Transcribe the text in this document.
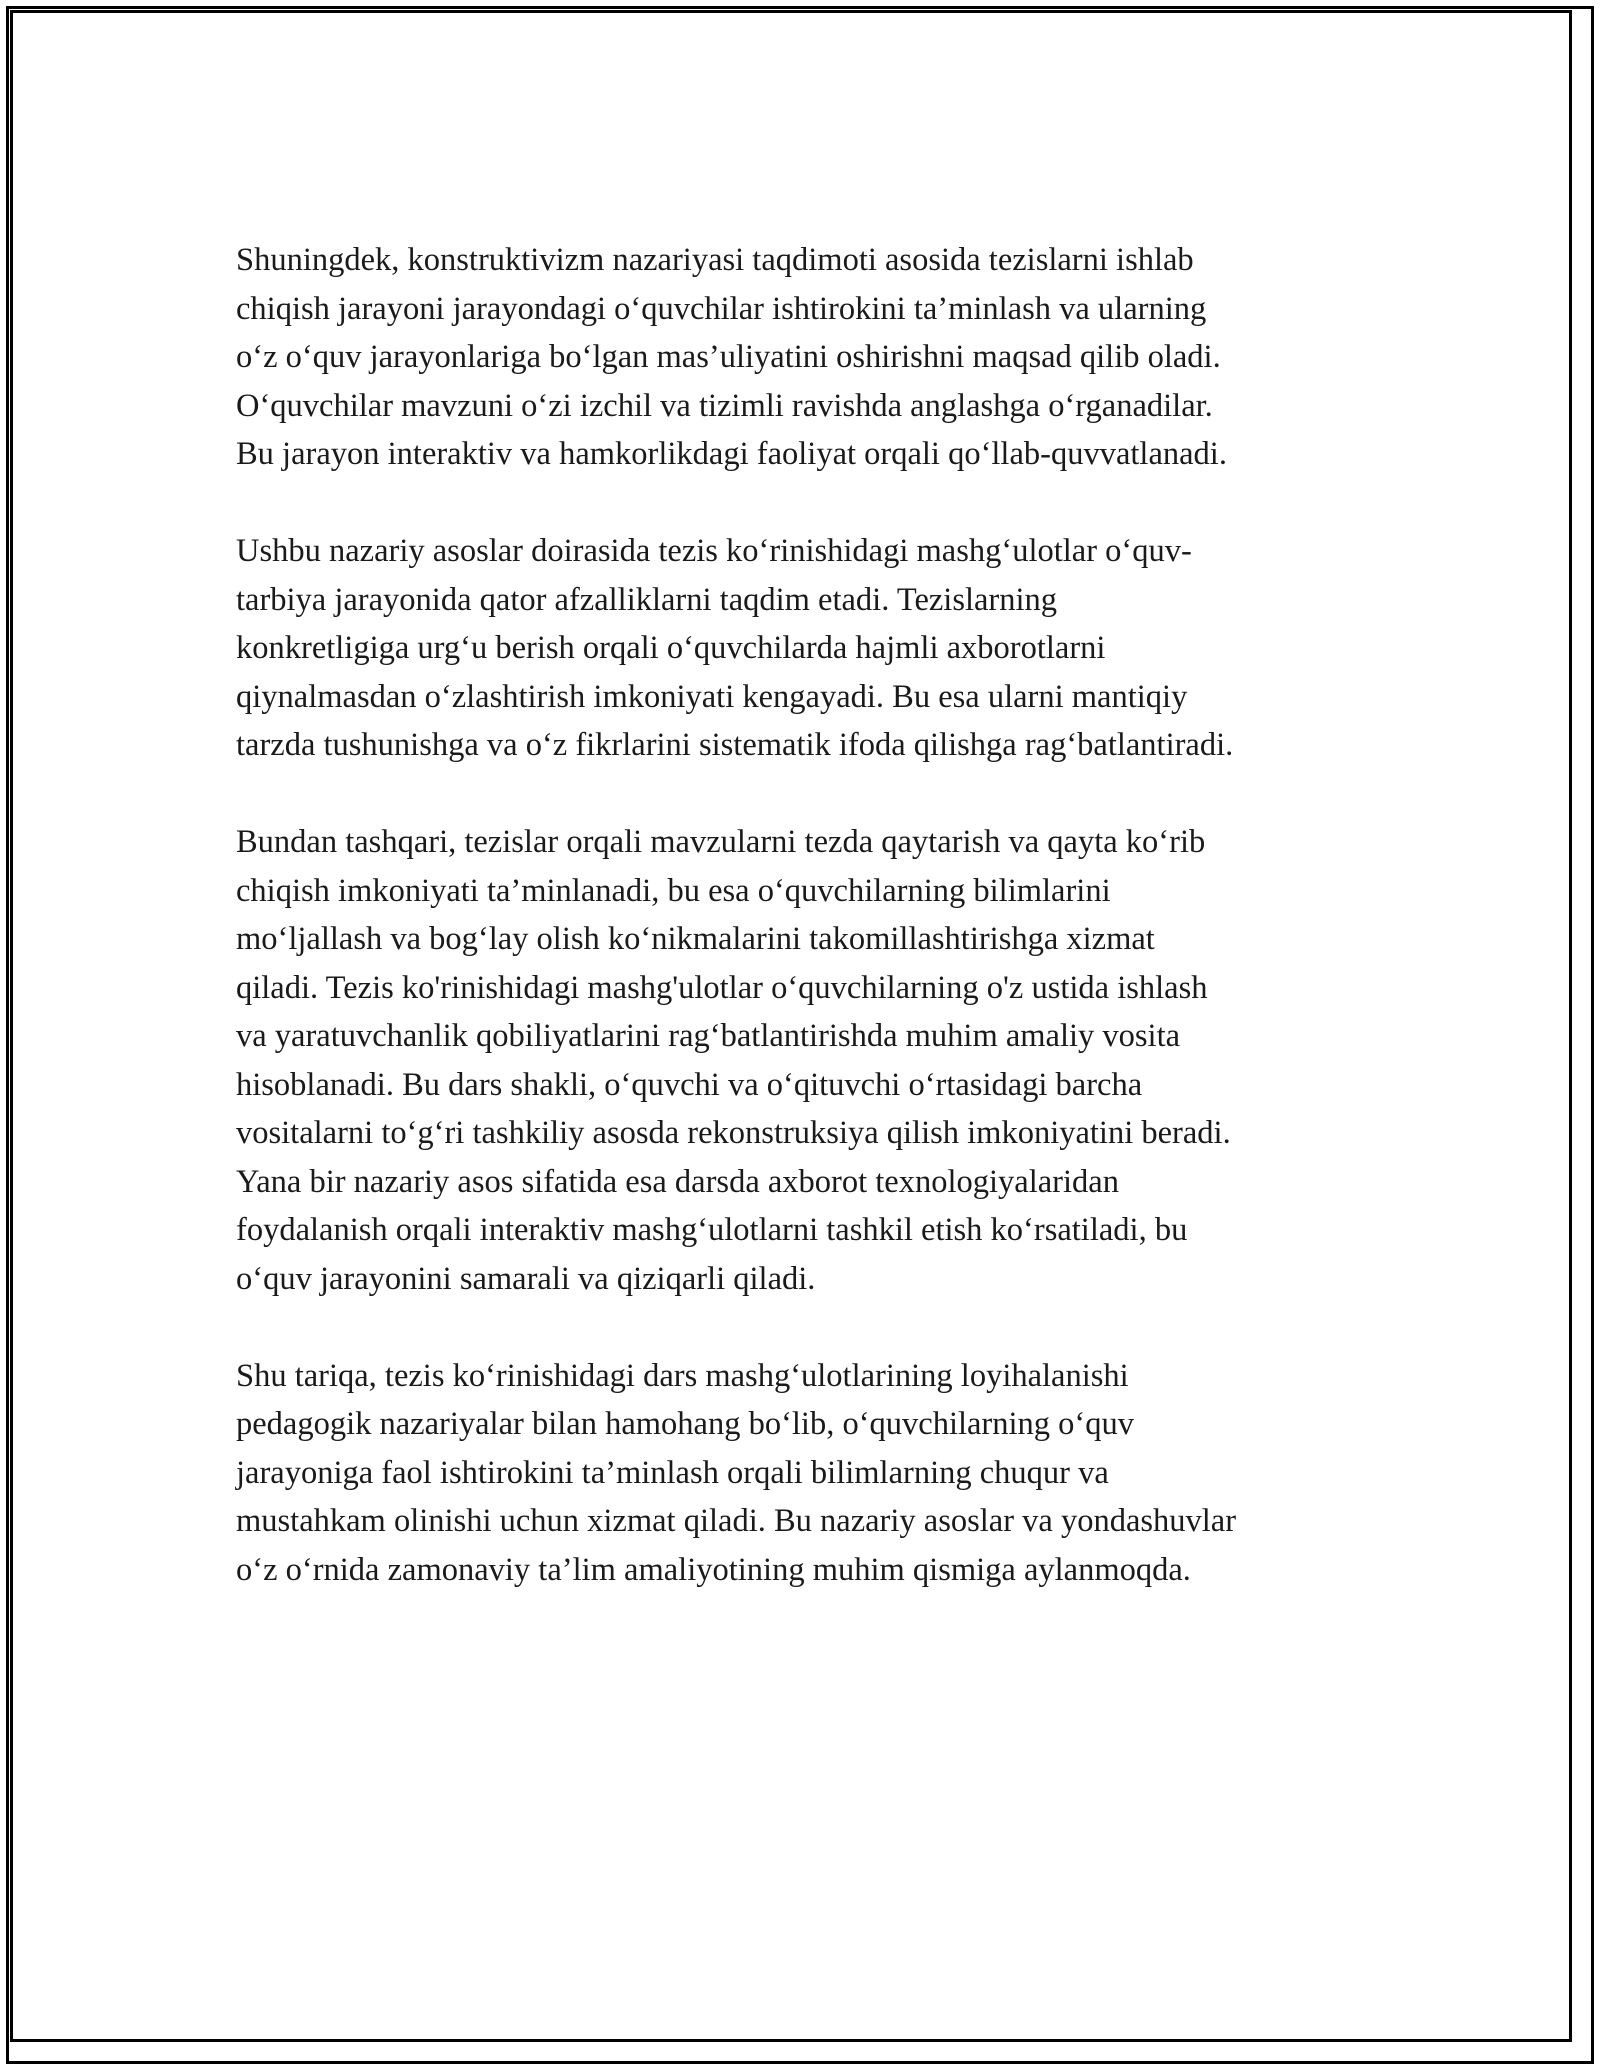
Shuningdek, konstruktivizm nazariyasi taqdimoti asosida tezislarni ishlab
chiqish jarayoni jarayondagi o‘quvchilar ishtirokini ta’minlash va ularning
o‘z o‘quv jarayonlariga bo‘lgan mas’uliyatini oshirishni maqsad qilib oladi.
O‘quvchilar mavzuni o‘zi izchil va tizimli ravishda anglashga o‘rganadilar.
Bu jarayon interaktiv va hamkorlikdagi faoliyat orqali qo‘llab-quvvatlanadi.

Ushbu nazariy asoslar doirasida tezis ko‘rinishidagi mashg‘ulotlar o‘quv-
tarbiya jarayonida qator afzalliklarni taqdim etadi. Tezislarning
konkretligiga urg‘u berish orqali o‘quvchilarda hajmli axborotlarni
qiynalmasdan o‘zlashtirish imkoniyati kengayadi. Bu esa ularni mantiqiy
tarzda tushunishga va o‘z fikrlarini sistematik ifoda qilishga rag‘batlantiradi.

Bundan tashqari, tezislar orqali mavzularni tezda qaytarish va qayta ko‘rib
chiqish imkoniyati ta’minlanadi, bu esa o‘quvchilarning bilimlarini
mo‘ljallash va bog‘lay olish ko‘nikmalarini takomillashtirishga xizmat
qiladi. Tezis ko'rinishidagi mashg'ulotlar o‘quvchilarning o'z ustida ishlash
va yaratuvchanlik qobiliyatlarini rag‘batlantirishda muhim amaliy vosita
hisoblanadi. Bu dars shakli, o‘quvchi va o‘qituvchi o‘rtasidagi barcha
vositalarni to‘g‘ri tashkiliy asosda rekonstruksiya qilish imkoniyatini beradi.
Yana bir nazariy asos sifatida esa darsda axborot texnologiyalaridan
foydalanish orqali interaktiv mashg‘ulotlarni tashkil etish ko‘rsatiladi, bu
o‘quv jarayonini samarali va qiziqarli qiladi.

Shu tariqa, tezis ko‘rinishidagi dars mashg‘ulotlarining loyihalanishi
pedagogik nazariyalar bilan hamohang bo‘lib, o‘quvchilarning o‘quv
jarayoniga faol ishtirokini ta’minlash orqali bilimlarning chuqur va
mustahkam olinishi uchun xizmat qiladi. Bu nazariy asoslar va yondashuvlar
o‘z o‘rnida zamonaviy ta’lim amaliyotining muhim qismiga aylanmoqda.
